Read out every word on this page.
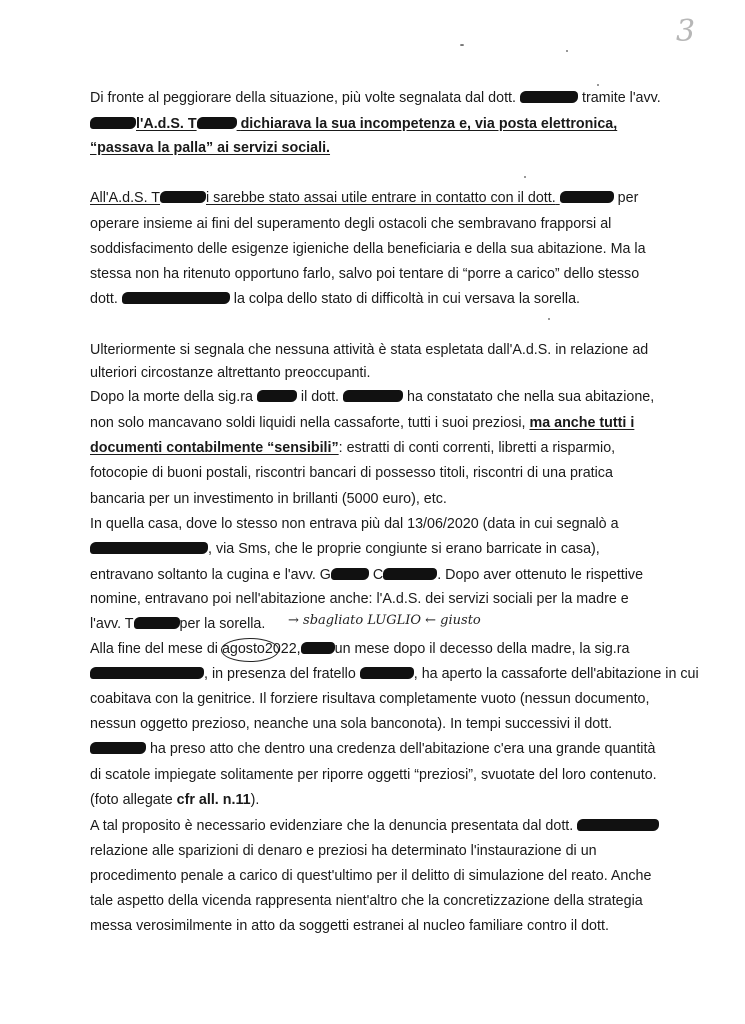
3
Di fronte al peggiorare della situazione, più volte segnalata dal dott.	tramite l'avv.
l'A.d.S. T	dichiarava la sua incompetenza e, via posta elettronica,
“passava la palla” ai servizi sociali.
All'A.d.S. T	i sarebbe stato assai utile entrare in contatto con il dott.	per
operare insieme ai fini del superamento degli ostacoli che sembravano frapporsi al
soddisfacimento delle esigenze igieniche della beneficiaria e della sua abitazione. Ma la
stessa non ha ritenuto opportuno farlo, salvo poi tentare di “porre a carico” dello stesso
dott.	la colpa dello stato di difficoltà in cui versava la sorella.
Ulteriormente si segnala che nessuna attività è stata espletata dall'A.d.S. in relazione ad
ulteriori circostanze altrettanto preoccupanti.
Dopo la morte della sig.ra	il dott.	ha constatato che nella sua abitazione,
non solo mancavano soldi liquidi nella cassaforte, tutti i suoi preziosi, ma anche tutti i
documenti contabilmente “sensibili”: estratti di conti correnti, libretti a risparmio,
fotocopie di buoni postali, riscontri bancari di possesso titoli, riscontri di una pratica
bancaria per un investimento in brillanti (5000 euro), etc.
In quella casa, dove lo stesso non entrava più dal 13/06/2020 (data in cui segnalò a
, via Sms, che le proprie congiunte si erano barricate in casa),
entravano soltanto la cugina e l'avv. G	C	. Dopo aver ottenuto le rispettive
nomine, entravano poi nell'abitazione anche: l'A.d.S. dei servizi sociali per la madre e
l'avv. T	per la sorella. → sbagliato LUGLIO ← giusto
Alla fine del mese di agosto2022, un mese dopo il decesso della madre, la sig.ra
, in presenza del fratello	, ha aperto la cassaforte dell'abitazione in cui
coabitava con la genitrice. Il forziere risultava completamente vuoto (nessun documento,
nessun oggetto prezioso, neanche una sola banconota). In tempi successivi il dott.
ha preso atto che dentro una credenza dell'abitazione c'era una grande quantità
di scatole impiegate solitamente per riporre oggetti “preziosi”, svuotate del loro contenuto.
(foto allegate cfr all. n.11).
A tal proposito è necessario evidenziare che la denuncia presentata dal dott.
relazione alle sparizioni di denaro e preziosi ha determinato l'instaurazione di un
procedimento penale a carico di quest'ultimo per il delitto di simulazione del reato. Anche
tale aspetto della vicenda rappresenta nient'altro che la concretizzazione della strategia
messa verosimilmente in atto da soggetti estranei al nucleo familiare contro il dott.
